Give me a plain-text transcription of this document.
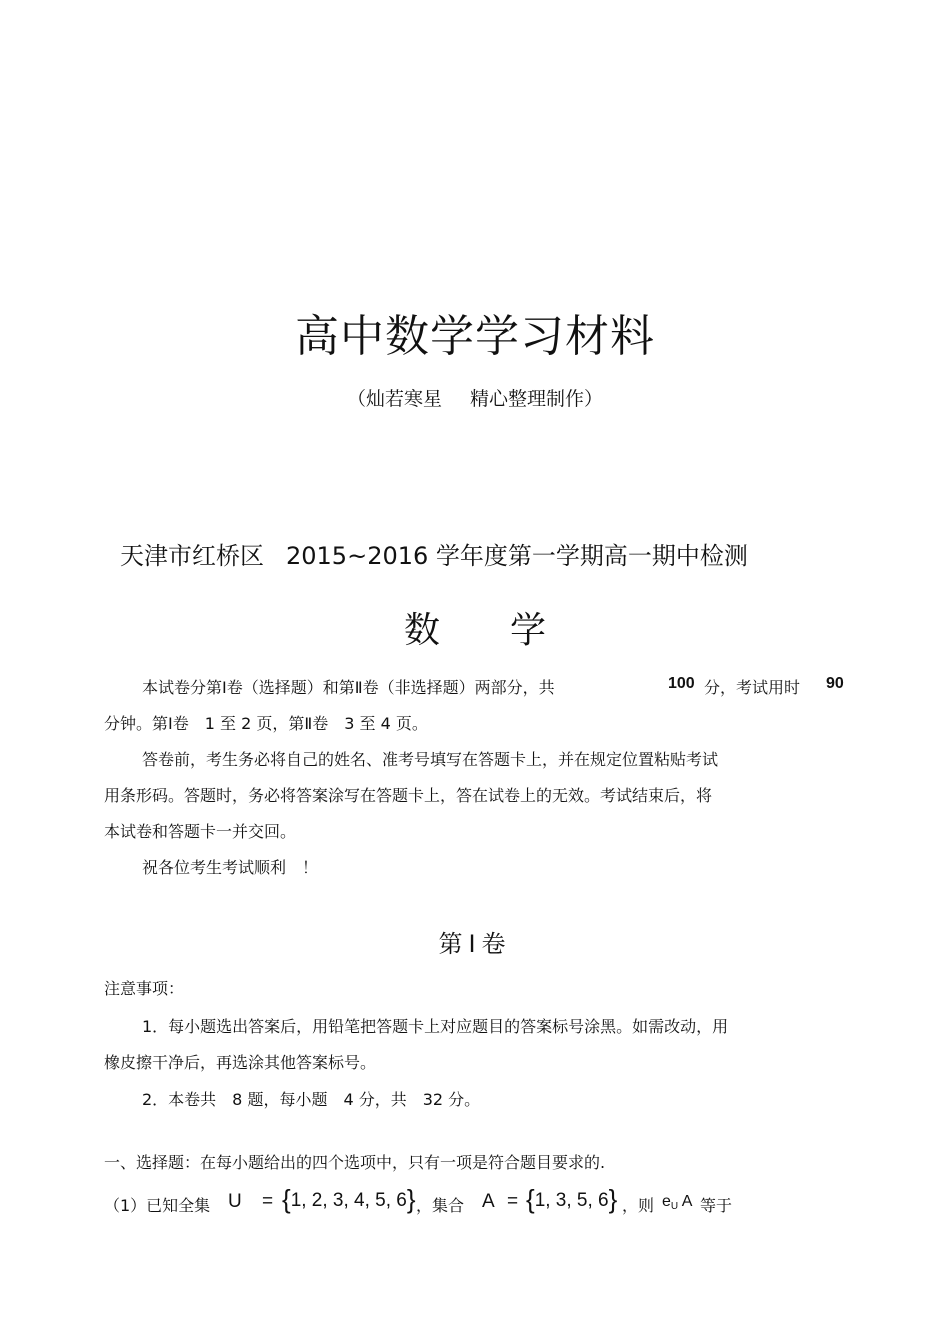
高中数学学习材料
（灿若寒星 精心整理制作）
天津市红桥区 2015~2016 学年度第一学期高一期中检测
数 学
本试卷分第Ⅰ卷（选择题）和第Ⅱ卷（非选择题）两部分，共	100 分，考试用时 90
分钟。第Ⅰ卷　1 至 2 页，第Ⅱ卷　3 至 4 页。
答卷前，考生务必将自己的姓名、准考号填写在答题卡上，并在规定位置粘贴考试
用条形码。答题时，务必将答案涂写在答题卡上，答在试卷上的无效。考试结束后，将
本试卷和答题卡一并交回。
祝各位考生考试顺利　！
第Ⅰ卷
注意事项：
1．每小题选出答案后，用铅笔把答题卡上对应题目的答案标号涂黑。如需改动，用
橡皮擦干净后，再选涂其他答案标号。
2．本卷共　8 题，每小题　4 分，共　32 分。
一、选择题：在每小题给出的四个选项中，只有一项是符合题目要求的.
（1）已知全集 U = {1, 2, 3, 4, 5, 6} ，集合 A = {1, 3, 5, 6} ，则 $e_U$ A 等于
